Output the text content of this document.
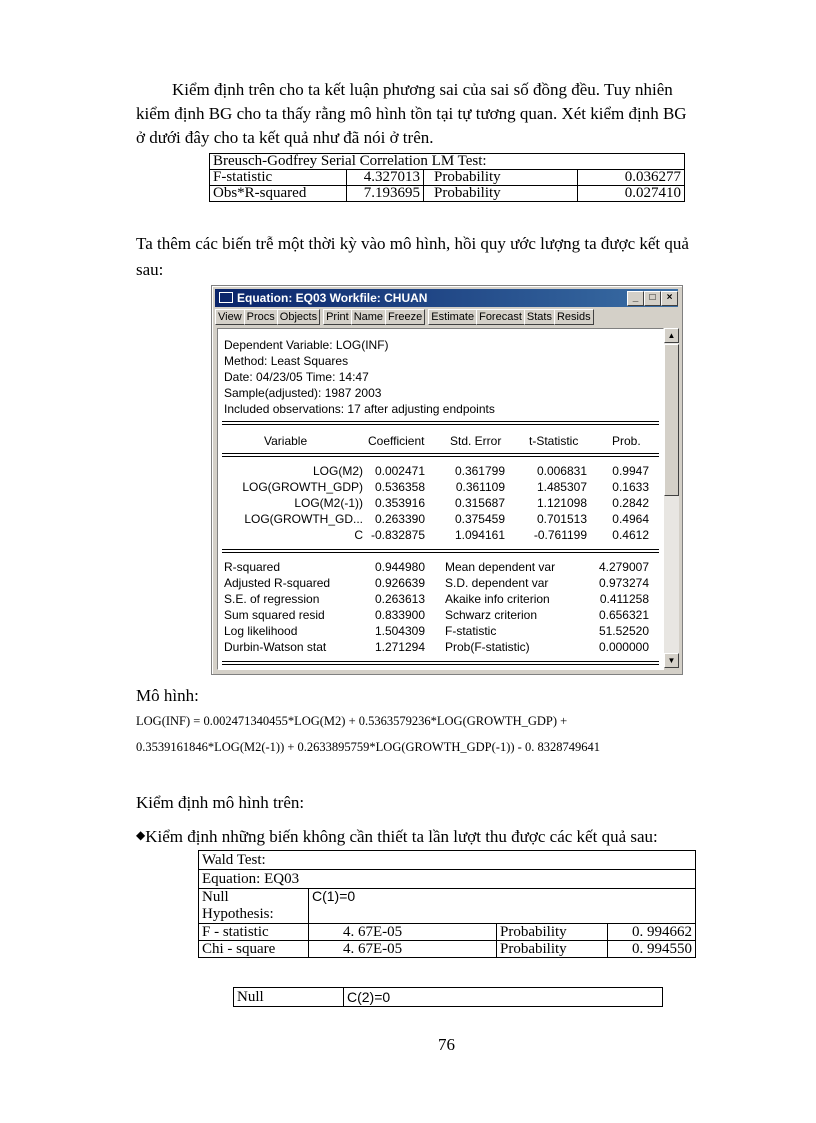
Kiểm định trên cho ta kết luận phương sai của sai số đồng đều. Tuy nhiên
kiểm định BG cho ta thấy rằng mô hình tồn tại tự tương quan. Xét kiểm định BG
ở dưới đây cho ta kết quả như đã nói ở trên.
Breusch-Godfrey Serial Correlation LM Test:			
F-statistic	4.327013	Probability	0.036277
Obs*R-squared	7.193695	Probability	0.027410
Ta thêm các biến trễ một thời kỳ vào mô hình, hồi quy ước lượng ta được kết quả
sau:
Equation: EQ03 Workfile: CHUAN	_	□	×
View Procs Objects Print Name Freeze Estimate Forecast Stats Resids
Dependent Variable: LOG(INF)
Method: Least Squares
Date: 04/23/05 Time: 14:47
Sample(adjusted): 1987 2003
Included observations: 17 after adjusting endpoints
Variable	Coefficient Std. Error t-Statistic	Prob.
LOG(M2) 0.002471 0.361799	0.006831 0.9947
LOG(GROWTH_GDP) 0.536358	0.361109	1.485307 0.1633
LOG(M2(-1)) 0.353916 0.315687	1.121098 0.2842
LOG(GROWTH_GD... 0.263390 0.375459	0.701513 0.4964
C -0.832875 1.094161 -0.761199 0.4612
R-squared	0.944980 Mean dependent var	4.279007
Adjusted R-squared	0.926639 S.D. dependent var	0.973274
S.E. of regression	0.263613 Akaike info criterion	0.411258
Sum squared resid	0.833900 Schwarz criterion	0.656321
Log likelihood	1.504309 F-statistic	51.52520
Durbin-Watson stat	1.271294 Prob(F-statistic)	0.000000
▲
▼
Mô hình:
LOG(INF) = 0.002471340455*LOG(M2) + 0.5363579236*LOG(GROWTH_GDP) +
0.3539161846*LOG(M2(-1)) + 0.2633895759*LOG(GROWTH_GDP(-1)) - 0. 8328749641
Kiểm định mô hình trên:
◆Kiểm định những biến không cần thiết ta lần lượt thu được các kết quả sau:
Wald Test:			
Equation: EQ03			
Null
Hypothesis:	C(1)=0		
F - statistic	4. 67E-05	Probability	0. 994662
Chi - square	4. 67E-05	Probability	0. 994550
Null	C(2)=0
76
